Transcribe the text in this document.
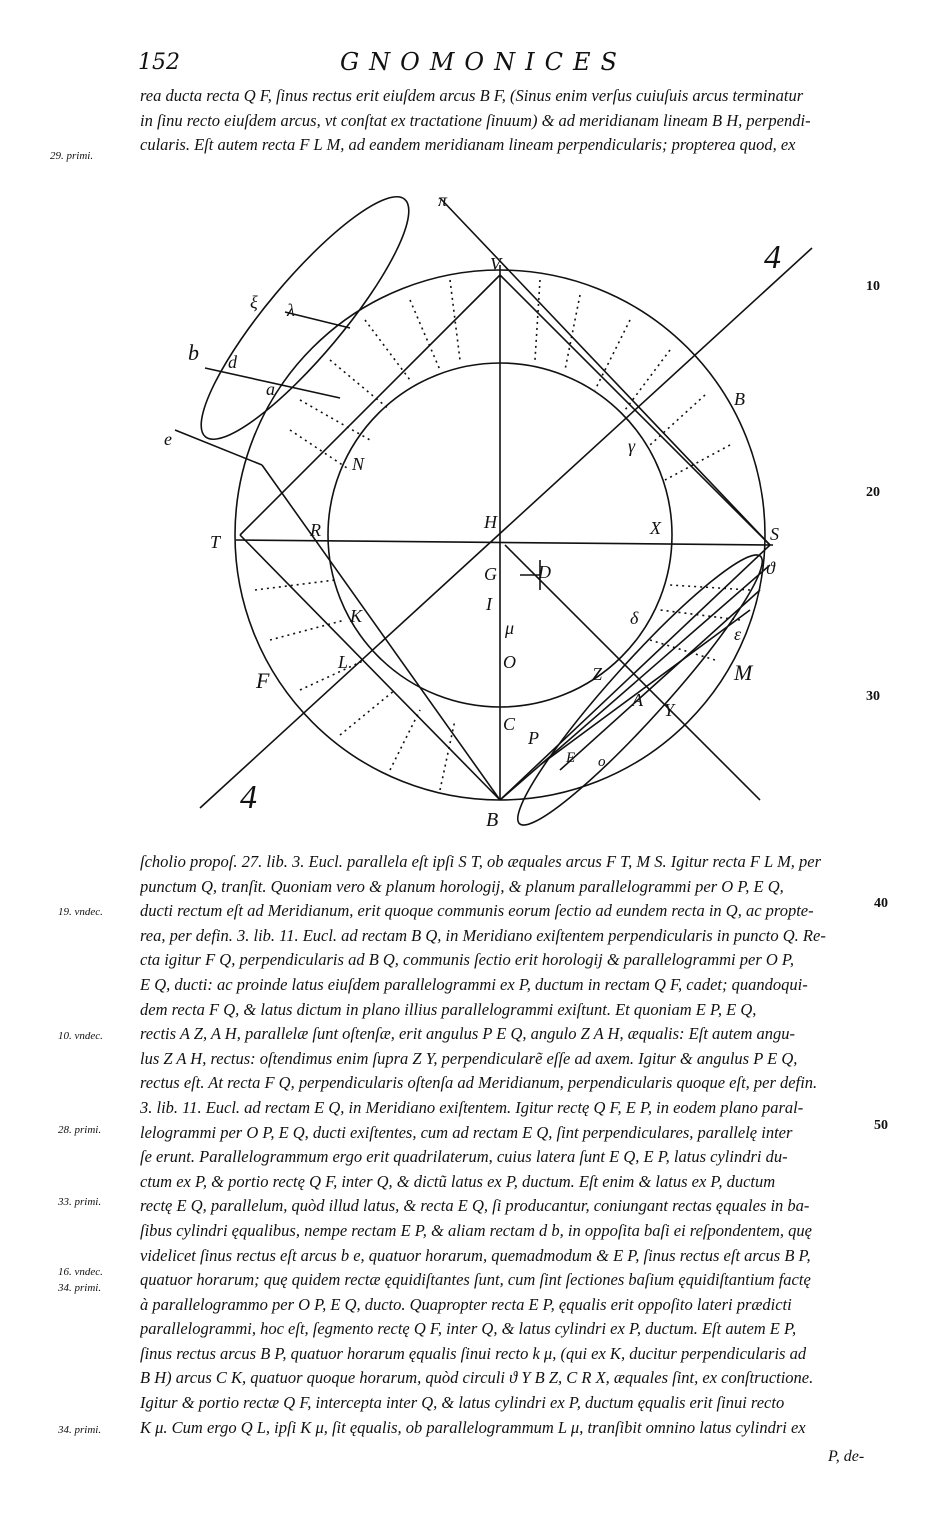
152	GNOMONICES
rea ducta recta Q F, ſinus rectus erit eiuſdem arcus B F, (Sinus enim verſus cuiuſuis arcus terminatur
in ſinu recto eiuſdem arcus, vt conſtat ex tractatione ſinuum) & ad meridianam lineam B H, perpendi-
cularis. Eſt autem recta F L M, ad eandem meridianam lineam perpendicularis; propterea quod, ex
29. primi.
π
V	4
ξ λ
b d
a
e
B
γ
N
T
R	H	X	S
G D	ϑ
I
μ
K	δ
ε
L	O
F	Z	M
A Y
C
P
E o
4
B
10
20
30
ſcholio propoſ. 27. lib. 3. Eucl. parallela eſt ipſi S T, ob æquales arcus F T, M S. Igitur recta F L M, per
punctum Q, tranſit. Quoniam vero & planum horologij, & planum parallelogrammi per O P, E Q,
ducti rectum eſt ad Meridianum, erit quoque communis eorum ſectio ad eundem recta in Q, ac propte-
rea, per defin. 3. lib. 11. Eucl. ad rectam B Q, in Meridiano exiſtentem perpendicularis in puncto Q. Re-
cta igitur F Q, perpendicularis ad B Q, communis ſectio erit horologij & parallelogrammi per O P,
E Q, ducti: ac proinde latus eiuſdem parallelogrammi ex P, ductum in rectam Q F, cadet; quandoqui-
dem recta F Q, & latus dictum in plano illius parallelogrammi exiſtunt. Et quoniam E P, E Q,
rectis A Z, A H, parallelæ ſunt oſtenſæ, erit angulus P E Q, angulo Z A H, æqualis: Eſt autem angu-
lus Z A H, rectus: oſtendimus enim ſupra Z Y, perpendicularẽ eſſe ad axem. Igitur & angulus P E Q,
rectus eſt. At recta F Q, perpendicularis oſtenſa ad Meridianum, perpendicularis quoque eſt, per defin.
3. lib. 11. Eucl. ad rectam E Q, in Meridiano exiſtentem. Igitur rectę Q F, E P, in eodem plano paral-
lelogrammi per O P, E Q, ducti exiſtentes, cum ad rectam E Q, ſint perpendiculares, parallelę inter
ſe erunt. Parallelogrammum ergo erit quadrilaterum, cuius latera ſunt E Q, E P, latus cylindri du-
ctum ex P, & portio rectę Q F, inter Q, & dictũ latus ex P, ductum. Eſt enim & latus ex P, ductum
rectę E Q, parallelum, quòd illud latus, & recta E Q, ſi producantur, coniungant rectas ęquales in ba-
ſibus cylindri ęqualibus, nempe rectam E P, & aliam rectam d b, in oppoſita baſi ei reſpondentem, quę
videlicet ſinus rectus eſt arcus b e, quatuor horarum, quemadmodum & E P, ſinus rectus eſt arcus B P,
quatuor horarum; quę quidem rectæ ęquidiſtantes ſunt, cum ſint ſectiones baſium ęquidiſtantium factę
à parallelogrammo per O P, E Q, ducto. Quapropter recta E P, ęqualis erit oppoſito lateri prædicti
parallelogrammi, hoc eſt, ſegmento rectę Q F, inter Q, & latus cylindri ex P, ductum. Eſt autem E P,
ſinus rectus arcus B P, quatuor horarum ęqualis ſinui recto k μ, (qui ex K, ducitur perpendicularis ad
B H) arcus C K, quatuor quoque horarum, quòd circuli ϑ Y B Z, C R X, æquales ſint, ex conſtructione.
Igitur & portio rectæ Q F, intercepta inter Q, & latus cylindri ex P, ductum ęqualis erit ſinui recto
K μ. Cum ergo Q L, ipſi K μ, ſit ęqualis, ob parallelogrammum L μ, tranſibit omnino latus cylindri ex
P, de-
19. vndec.
10. vndec.
28. primi.
33. primi.
16. vndec.
34. primi.
34. primi.
40
50
